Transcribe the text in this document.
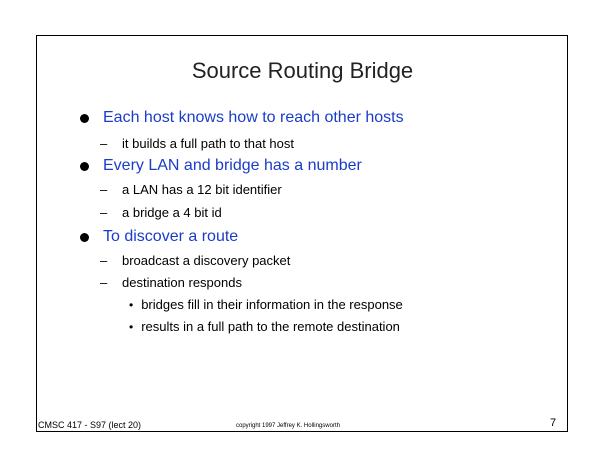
Source Routing Bridge
Each host knows how to reach other hosts
–	it builds a full path to that host
Every LAN and bridge has a number
–	a LAN has a 12 bit identifier
–	a bridge a 4 bit id
To discover a route
–	broadcast a discovery packet
–	destination responds
• bridges fill in their information in the response
• results in a full path to the remote destination
CMSC 417 - S97 (lect 20)	copyright 1997 Jeffrey K. Hollingsworth	7
